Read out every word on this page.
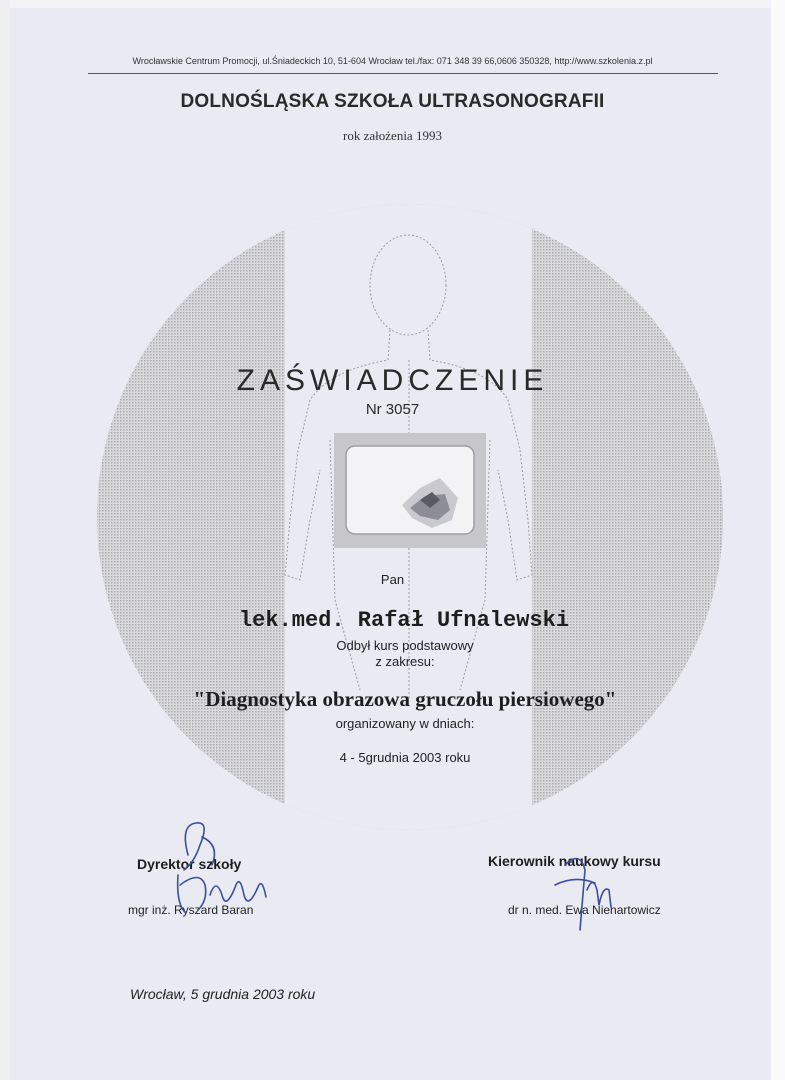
Wrocławskie Centrum Promocji, ul.Śniadeckich 10, 51-604 Wrocław tel./fax: 071 348 39 66,0606 350328, http://www.szkolenia.z.pl
DOLNOŚLĄSKA SZKOŁA ULTRASONOGRAFII
rok założenia 1993
ZAŚWIADCZENIE
Nr 3057
Pan
lek.med. Rafał Ufnalewski
Odbył kurs podstawowy
z zakresu:
"Diagnostyka obrazowa gruczołu piersiowego"
organizowany w dniach:
4 - 5grudnia 2003 roku
Dyrektor szkoły
mgr inż. Ryszard Baran
Kierownik naukowy kursu
dr n. med. Ewa Nienartowicz
Wrocław, 5 grudnia 2003 roku
